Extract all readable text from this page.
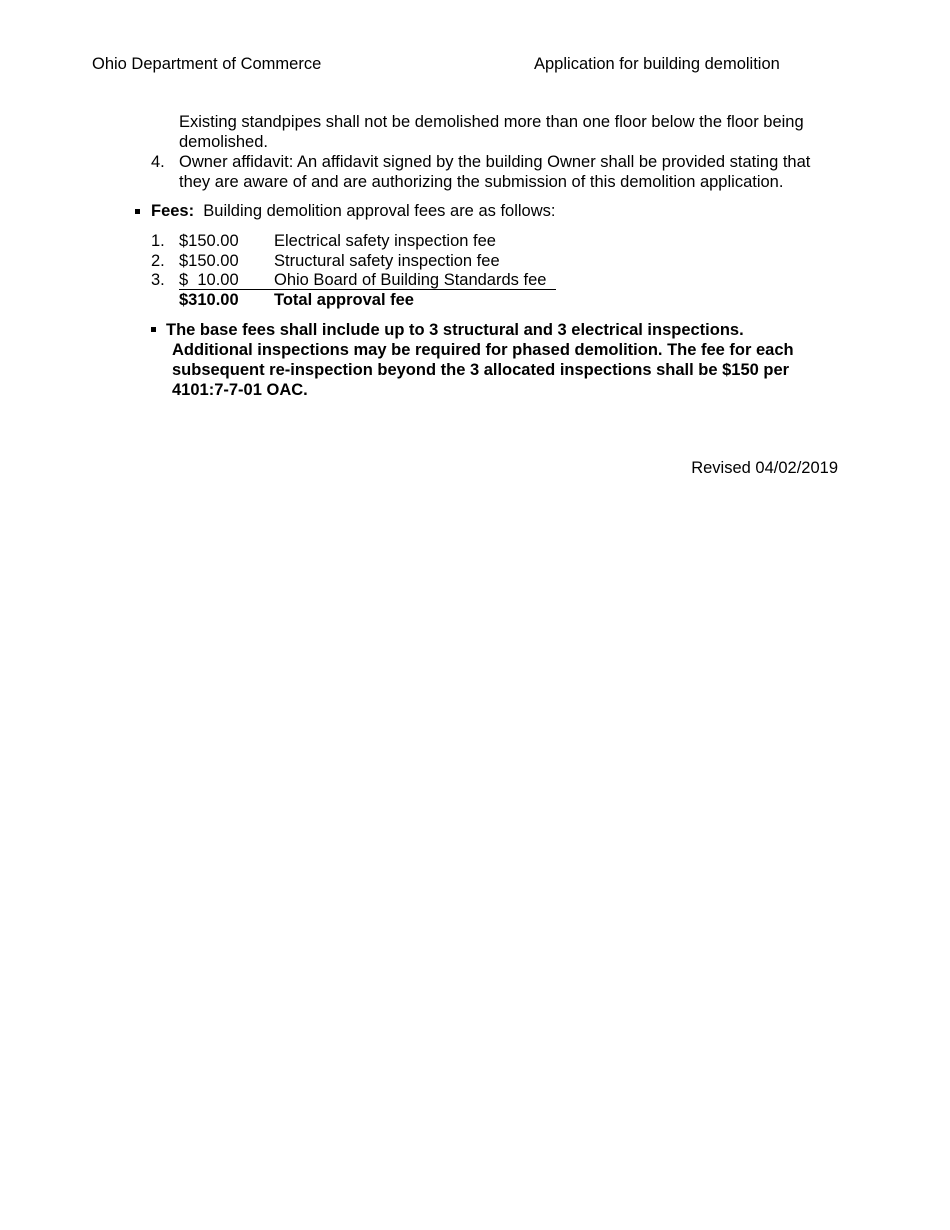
Ohio Department of Commerce	Application for building demolition
Existing standpipes shall not be demolished more than one floor below the floor being
demolished.
4. Owner affidavit: An affidavit signed by the building Owner shall be provided stating that
they are aware of and are authorizing the submission of this demolition application.
Fees: Building demolition approval fees are as follows:
1. $150.00 Electrical safety inspection fee
2. $150.00 Structural safety inspection fee
3. $  10.00 Ohio Board of Building Standards fee
$310.00 Total approval fee
The base fees shall include up to 3 structural and 3 electrical inspections.
Additional inspections may be required for phased demolition. The fee for each
subsequent re-inspection beyond the 3 allocated inspections shall be $150 per
4101:7-7-01 OAC.
Revised 04/02/2019
